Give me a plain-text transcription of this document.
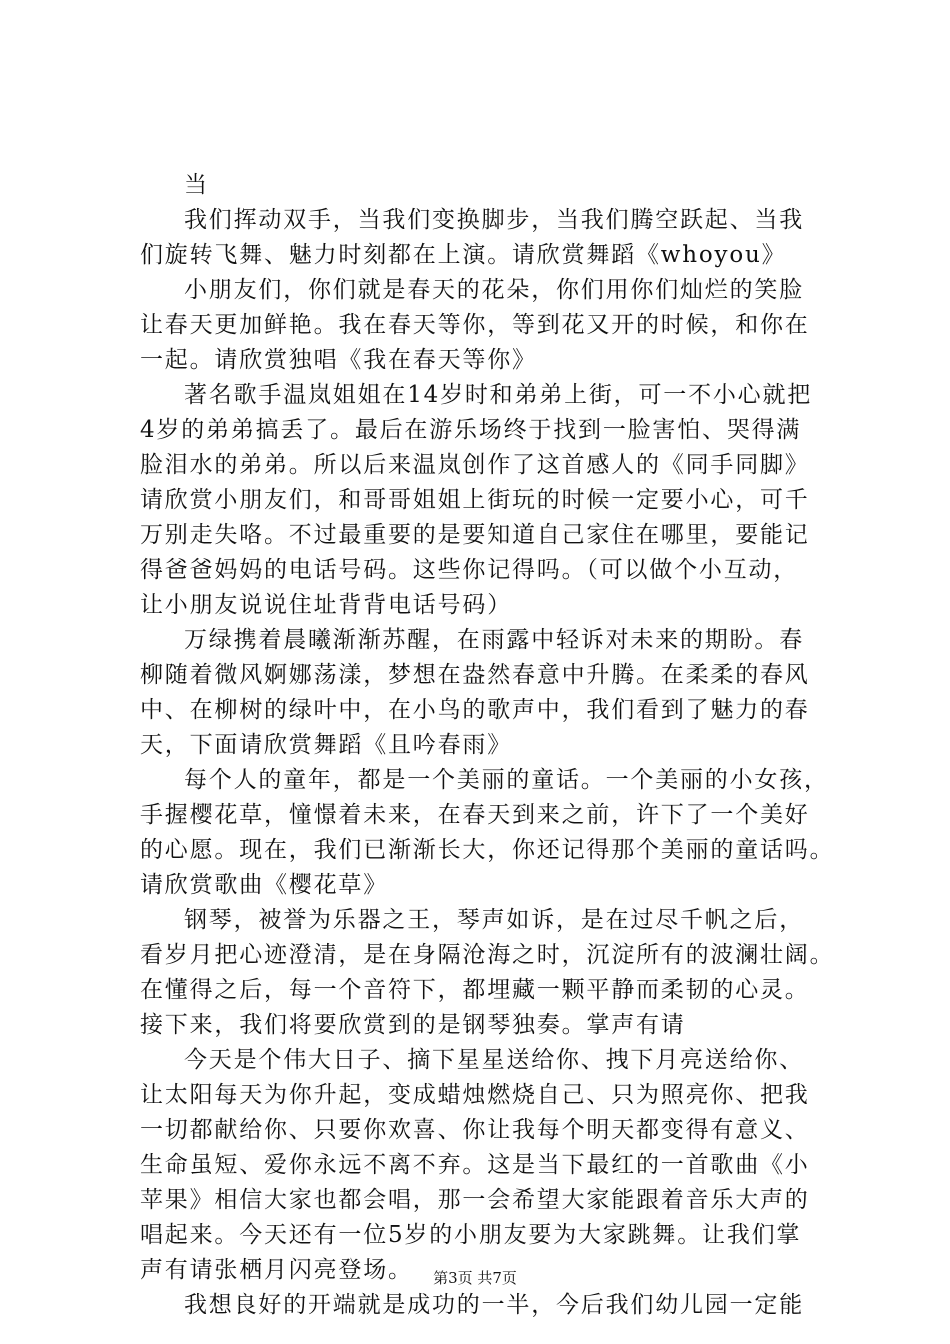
当
我们挥动双手，当我们变换脚步，当我们腾空跃起、当我
们旋转飞舞、魅力时刻都在上演。请欣赏舞蹈《whoyou》
小朋友们，你们就是春天的花朵，你们用你们灿烂的笑脸
让春天更加鲜艳。我在春天等你，等到花又开的时候，和你在
一起。请欣赏独唱《我在春天等你》
著名歌手温岚姐姐在14岁时和弟弟上街，可一不小心就把
4岁的弟弟搞丢了。最后在游乐场终于找到一脸害怕、哭得满
脸泪水的弟弟。所以后来温岚创作了这首感人的《同手同脚》
请欣赏小朋友们，和哥哥姐姐上街玩的时候一定要小心，可千
万别走失咯。不过最重要的是要知道自己家住在哪里，要能记
得爸爸妈妈的电话号码。这些你记得吗。（可以做个小互动，
让小朋友说说住址背背电话号码）
万绿携着晨曦渐渐苏醒，在雨露中轻诉对未来的期盼。春
柳随着微风婀娜荡漾，梦想在盎然春意中升腾。在柔柔的春风
中、在柳树的绿叶中，在小鸟的歌声中，我们看到了魅力的春
天，下面请欣赏舞蹈《且吟春雨》
每个人的童年，都是一个美丽的童话。一个美丽的小女孩，
手握樱花草，憧憬着未来，在春天到来之前，许下了一个美好
的心愿。现在，我们已渐渐长大，你还记得那个美丽的童话吗。
请欣赏歌曲《樱花草》
钢琴，被誉为乐器之王，琴声如诉，是在过尽千帆之后，
看岁月把心迹澄清，是在身隔沧海之时，沉淀所有的波澜壮阔。
在懂得之后，每一个音符下，都埋藏一颗平静而柔韧的心灵。
接下来，我们将要欣赏到的是钢琴独奏。掌声有请
今天是个伟大日子、摘下星星送给你、拽下月亮送给你、
让太阳每天为你升起，变成蜡烛燃烧自己、只为照亮你、把我
一切都献给你、只要你欢喜、你让我每个明天都变得有意义、
生命虽短、爱你永远不离不弃。这是当下最红的一首歌曲《小
苹果》相信大家也都会唱，那一会希望大家能跟着音乐大声的
唱起来。今天还有一位5岁的小朋友要为大家跳舞。让我们掌
声有请张栖月闪亮登场。
我想良好的开端就是成功的一半，今后我们幼儿园一定能
第3页 共7页
